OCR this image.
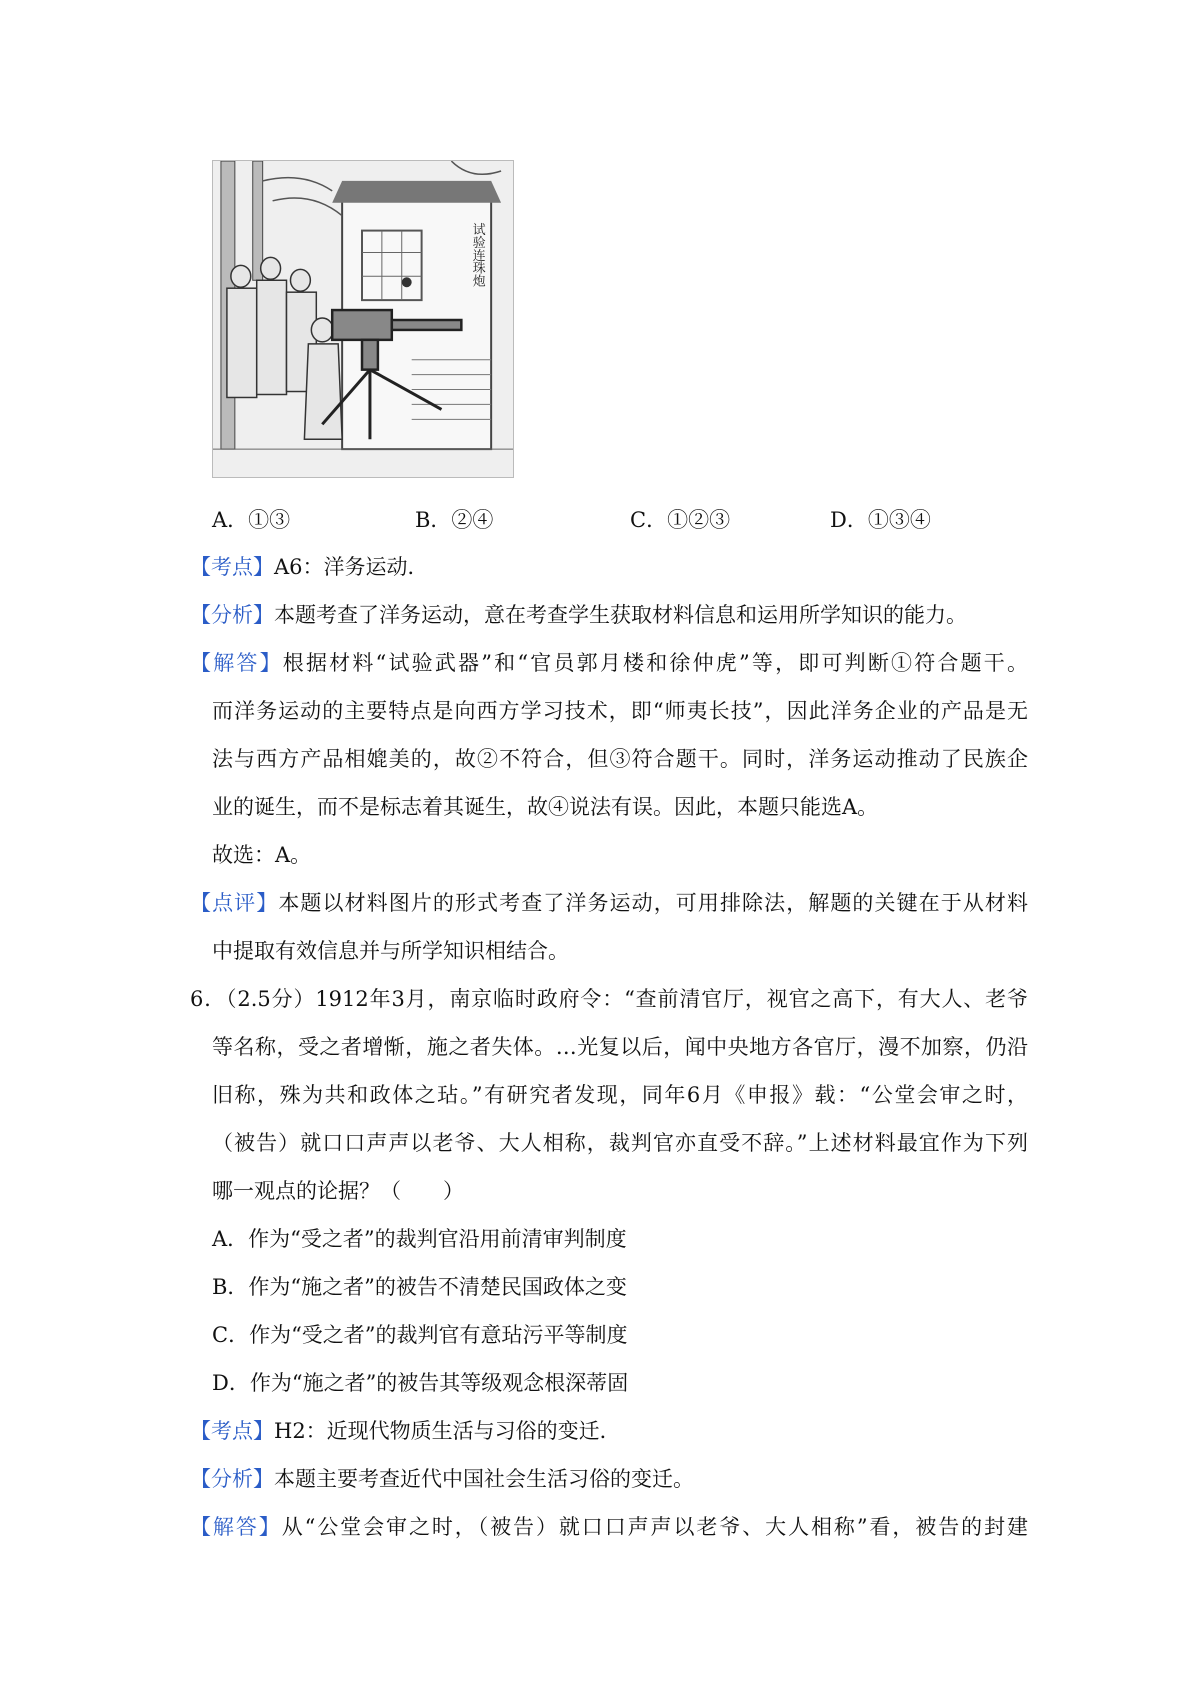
试验连珠炮
A．①③	B．②④	C．①②③	D．①③④
【考点】A6：洋务运动．
【分析】本题考查了洋务运动，意在考查学生获取材料信息和运用所学知识的能力。
【解答】根据材料“试验武器”和“官员郭月楼和徐仲虎”等，即可判断①符合题干。
而洋务运动的主要特点是向西方学习技术，即“师夷长技”，因此洋务企业的产品是无
法与西方产品相媲美的，故②不符合，但③符合题干。同时，洋务运动推动了民族企
业的诞生，而不是标志着其诞生，故④说法有误。因此，本题只能选A。
故选：A。
【点评】本题以材料图片的形式考查了洋务运动，可用排除法，解题的关键在于从材料
中提取有效信息并与所学知识相结合。
6．（2.5分）1912年3月，南京临时政府令：“查前清官厅，视官之高下，有大人、老爷
等名称，受之者增惭，施之者失体。…光复以后，闻中央地方各官厅，漫不加察，仍沿
旧称，殊为共和政体之玷。”有研究者发现，同年6月《申报》载：“公堂会审之时，
（被告）就口口声声以老爷、大人相称，裁判官亦直受不辞。”上述材料最宜作为下列
哪一观点的论据？（　　）
A．作为“受之者”的裁判官沿用前清审判制度
B．作为“施之者”的被告不清楚民国政体之变
C．作为“受之者”的裁判官有意玷污平等制度
D．作为“施之者”的被告其等级观念根深蒂固
【考点】H2：近现代物质生活与习俗的变迁．
【分析】本题主要考查近代中国社会生活习俗的变迁。
【解答】从“公堂会审之时，（被告）就口口声声以老爷、大人相称”看，被告的封建
